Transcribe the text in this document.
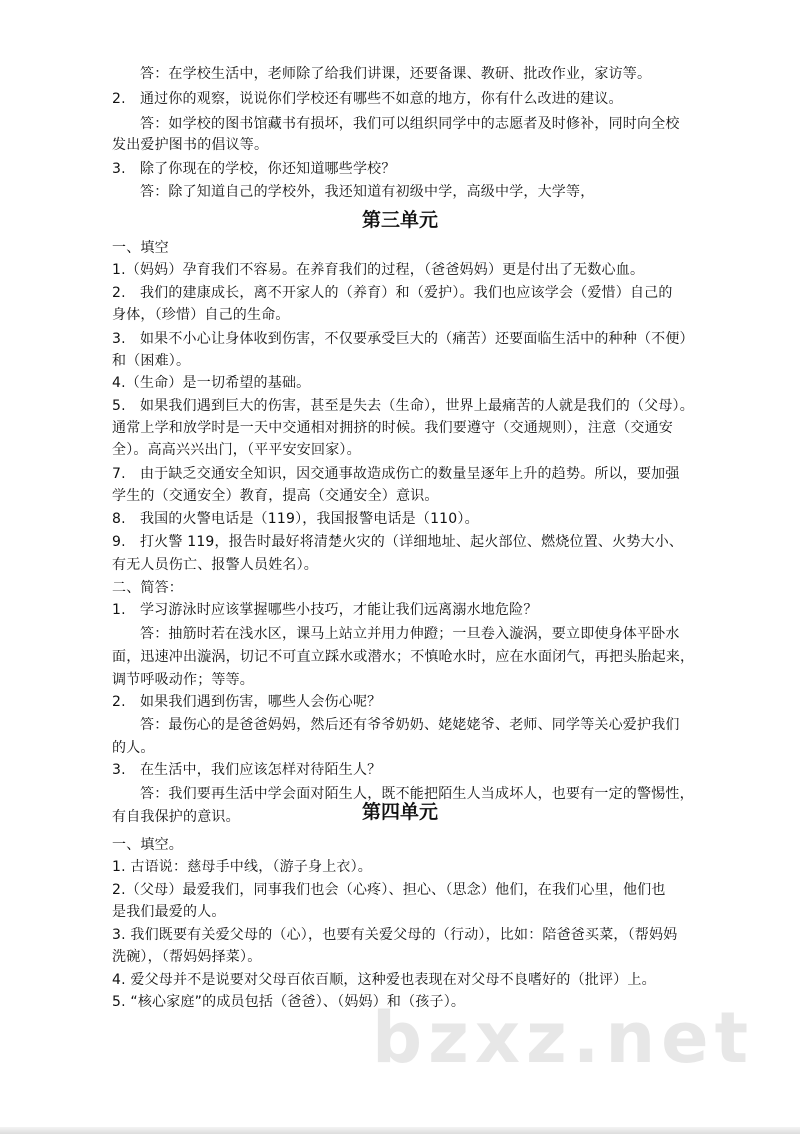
答：在学校生活中，老师除了给我们讲课，还要备课、教研、批改作业，家访等。
2.　通过你的观察，说说你们学校还有哪些不如意的地方，你有什么改进的建议。
答：如学校的图书馆藏书有损坏，我们可以组织同学中的志愿者及时修补，同时向全校
发出爱护图书的倡议等。
3.　除了你现在的学校，你还知道哪些学校？
答：除了知道自己的学校外，我还知道有初级中学，高级中学，大学等，
第三单元
一、填空
1.（妈妈）孕育我们不容易。在养育我们的过程，（爸爸妈妈）更是付出了无数心血。
2.　我们的建康成长，离不开家人的（养育）和（爱护）。我们也应该学会（爱惜）自己的
身体，（珍惜）自己的生命。
3.　如果不小心让身体收到伤害，不仅要承受巨大的（痛苦）还要面临生活中的种种（不便）
和（困难）。
4.（生命）是一切希望的基础。
5.　如果我们遇到巨大的伤害，甚至是失去（生命），世界上最痛苦的人就是我们的（父母）。
通常上学和放学时是一天中交通相对拥挤的时候。我们要遵守（交通规则），注意（交通安
全）。高高兴兴出门，（平平安安回家）。
7.　由于缺乏交通安全知识，因交通事故造成伤亡的数量呈逐年上升的趋势。所以，要加强
学生的（交通安全）教育，提高（交通安全）意识。
8.　我国的火警电话是（119），我国报警电话是（110）。
9.　打火警 119，报告时最好将清楚火灾的（详细地址、起火部位、燃烧位置、火势大小、
有无人员伤亡、报警人员姓名）。
二、简答：
1.　学习游泳时应该掌握哪些小技巧，才能让我们远离溺水地危险？
答：抽筋时若在浅水区，课马上站立并用力伸蹬；一旦卷入漩涡，要立即使身体平卧水
面，迅速冲出漩涡，切记不可直立踩水或潜水；不慎呛水时，应在水面闭气，再把头胎起来，
调节呼吸动作；等等。
2.　如果我们遇到伤害，哪些人会伤心呢？
答：最伤心的是爸爸妈妈，然后还有爷爷奶奶、姥姥姥爷、老师、同学等关心爱护我们
的人。
3.　在生活中，我们应该怎样对待陌生人？
答：我们要再生活中学会面对陌生人，既不能把陌生人当成坏人，也要有一定的警惕性，
有自我保护的意识。	第四单元
一、填空。
1. 古语说：慈母手中线，（游子身上衣）。
2.（父母）最爱我们，同事我们也会（心疼）、担心、（思念）他们，在我们心里，他们也
是我们最爱的人。
3. 我们既要有关爱父母的（心），也要有关爱父母的（行动），比如：陪爸爸买菜，（帮妈妈
洗碗），（帮妈妈择菜）。
4. 爱父母并不是说要对父母百依百顺，这种爱也表现在对父母不良嗜好的（批评）上。
5. “核心家庭”的成员包括（爸爸）、（妈妈）和（孩子）。
bzxz.net
